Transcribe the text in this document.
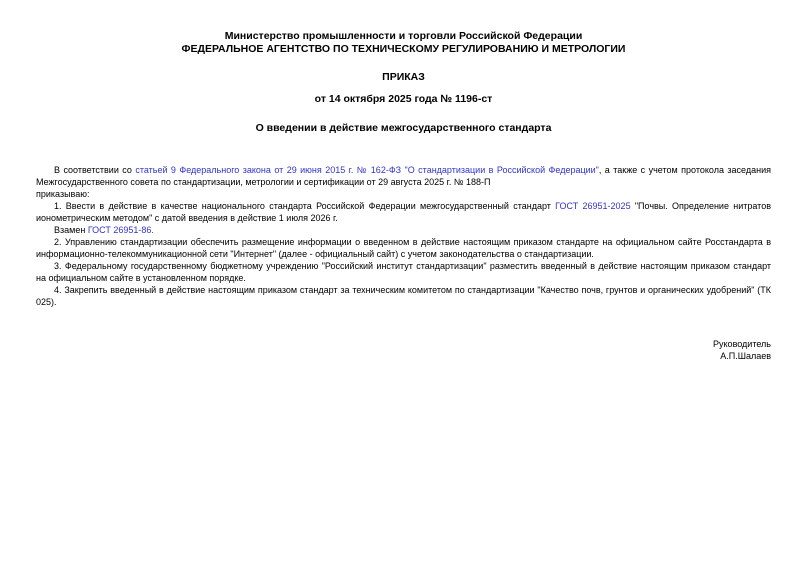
Министерство промышленности и торговли Российской Федерации
ФЕДЕРАЛЬНОЕ АГЕНТСТВО ПО ТЕХНИЧЕСКОМУ РЕГУЛИРОВАНИЮ И МЕТРОЛОГИИ
ПРИКАЗ
от 14 октября 2025 года № 1196-ст
О введении в действие межгосударственного стандарта

В соответствии со статьей 9 Федерального закона от 29 июня 2015 г. № 162-ФЗ "О стандартизации в Российской Федерации", а также с учетом протокола заседания Межгосударственного совета по стандартизации, метрологии и сертификации от 29 августа 2025 г. № 188-П

приказываю:

1. Ввести в действие в качестве национального стандарта Российской Федерации межгосударственный стандарт ГОСТ 26951-2025 "Почвы. Определение нитратов ионометрическим методом" с датой введения в действие 1 июля 2026 г.

Взамен ГОСТ 26951-86.

2. Управлению стандартизации обеспечить размещение информации о введенном в действие настоящим приказом стандарте на официальном сайте Росстандарта в информационно-телекоммуникационной сети "Интернет" (далее - официальный сайт) с учетом законодательства о стандартизации.

3. Федеральному государственному бюджетному учреждению "Российский институт стандартизации" разместить введенный в действие настоящим приказом стандарт на официальном сайте в установленном порядке.

4. Закрепить введенный в действие настоящим приказом стандарт за техническим комитетом по стандартизации "Качество почв, грунтов и органических удобрений" (ТК 025).

Руководитель
А.П.Шалаев
